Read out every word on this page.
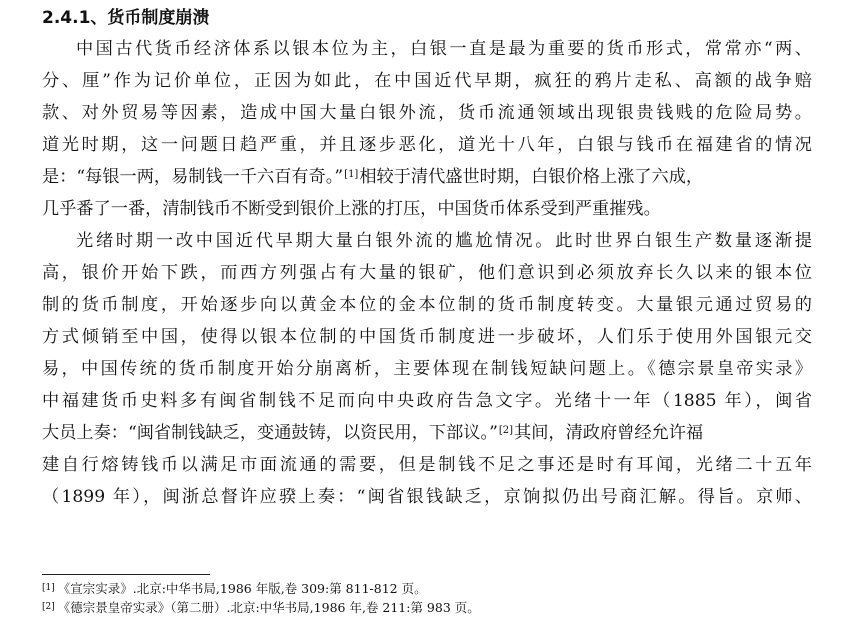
2.4.1、货币制度崩溃
中国古代货币经济体系以银本位为主，白银一直是最为重要的货币形式，常常亦“两、
分、厘”作为记价单位，正因为如此，在中国近代早期，疯狂的鸦片走私、高额的战争赔
款、对外贸易等因素，造成中国大量白银外流，货币流通领域出现银贵钱贱的危险局势。
道光时期，这一问题日趋严重，并且逐步恶化，道光十八年，白银与钱币在福建省的情况
是：“每银一两，易制钱一千六百有奇。”[1]相较于清代盛世时期，白银价格上涨了六成，
几乎番了一番，清制钱币不断受到银价上涨的打压，中国货币体系受到严重摧残。
光绪时期一改中国近代早期大量白银外流的尴尬情况。此时世界白银生产数量逐渐提
高，银价开始下跌，而西方列强占有大量的银矿，他们意识到必须放弃长久以来的银本位
制的货币制度，开始逐步向以黄金本位的金本位制的货币制度转变。大量银元通过贸易的
方式倾销至中国，使得以银本位制的中国货币制度进一步破坏，人们乐于使用外国银元交
易，中国传统的货币制度开始分崩离析，主要体现在制钱短缺问题上。《德宗景皇帝实录》
中福建货币史料多有闽省制钱不足而向中央政府告急文字。光绪十一年（1885 年），闽省
大员上奏：“闽省制钱缺乏，变通鼓铸，以资民用，下部议。”[2]其间，清政府曾经允许福
建自行熔铸钱币以满足市面流通的需要，但是制钱不足之事还是时有耳闻，光绪二十五年
（1899 年），闽浙总督许应骙上奏：“闽省银钱缺乏，京饷拟仍出号商汇解。得旨。京师、
[1] 《宣宗实录》.北京:中华书局,1986 年版,卷 309:第 811-812 页。
[2] 《德宗景皇帝实录》（第二册）.北京:中华书局,1986 年,卷 211:第 983 页。
